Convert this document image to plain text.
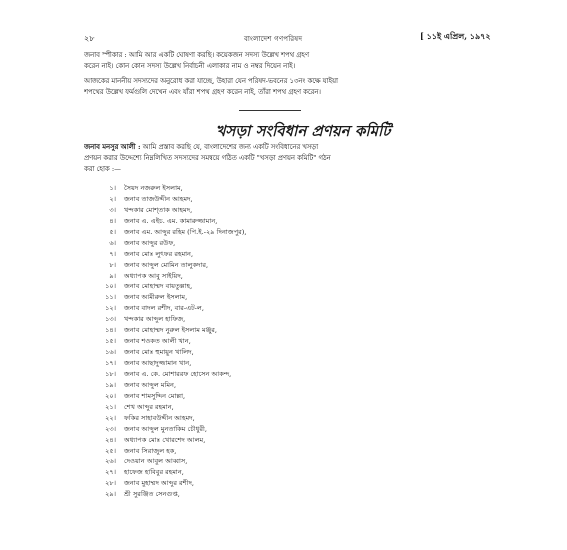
২৮	বাংলাদেশ গণপরিষদ	[ ১১ই এপ্রিল, ১৯৭২

জনাব স্পীকার : আমি আর একটি ঘোষণা করছি। কয়েকজন সদস্য উল্লেখ শপথ গ্রহণ

করেন নাই। কোন কোন সদস্য উল্লেখ নির্বাচনী এলাকার নাম ও নম্বর দিয়েন নাই।

আজকের মাননীয় সদস্যদের অনুরোধ করা যাচ্ছে, উহারা যেন পরিষদ-ভবনের ১৩নং কক্ষে যাইয়া

শপথের উল্লেখ ফর্মগুলি দেখেন এবং যাঁরা শপথ গ্রহণ করেন নাই, তাঁরা শপথ গ্রহণ করেন।

খসড়া সংবিধান প্রণয়ন কমিটি

জনাব মনসুর আলী : আমি প্রস্তাব করছি যে, বাংলাদেশের জন্য একটি সংবিধানের খসড়া

প্রণয়ন করার উদ্দেশ্যে নিম্নলিখিত সদস্যদের সমন্বয়ে গঠিত একটি "খসড়া প্রণয়ন কমিটি" গঠন

করা হোক :—

১। সৈয়দ নজরুল ইসলাম,
২। জনাব তাজউদ্দীন আহমদ,
৩। খন্দকার মোশ্‌তাক আহমদ,
৪। জনাব এ. এইচ. এম. কামারুজ্জামান,
৫। জনাব এম. আব্দুর রহিম (পি.ই.-২৯ দিনাজপুর),
৬। জনাব আব্দুর রউফ,
৭। জনাব মোঃ লুৎফর রহমান,
৮। জনাব আব্দুল মোমিন তালুকদার,
৯। অধ্যাপক আবু সাইয়িদ,
১০। জনাব মোহাম্মদ বায়তুল্লাহ,
১১। জনাব আমীরুল ইসলাম,
১২। জনাব বাদল রশীদ, বার-এট-ল,
১৩। খন্দকার আব্দুল হাফিজ,
১৪। জনাব মোহাম্মদ নুরুল ইসলাম মঞ্জুর,
১৫। জনাব শওকত আলী খান,
১৬। জনাব মোঃ হুমায়ুন খালিদ,
১৭। জনাব আছাদুজ্জামান খান,
১৮। জনাব এ. কে. মোশাররফ হোসেন আকন্দ,
১৯। জনাব আব্দুল মমিন,
২০। জনাব শামসুদ্দিন মোল্লা,
২১। শেখ আব্দুর রহমান,
২২। ফকির সাহাবউদ্দীন আহমদ,
২৩। জনাব আব্দুল মুনতাকিম চৌধুরী,
২৪। অধ্যাপক মোঃ খোরশেদ আলম,
২৫। জনাব সিরাজুল হক,
২৬। দেওয়ান আবুল আব্বাস,
২৭। হাফেজ হাবিবুর রহমান,
২৮। জনাব মুহাম্মদ আব্দুর রশীদ,
২৯। শ্রী সুরঞ্জিত সেনগুপ্ত,
